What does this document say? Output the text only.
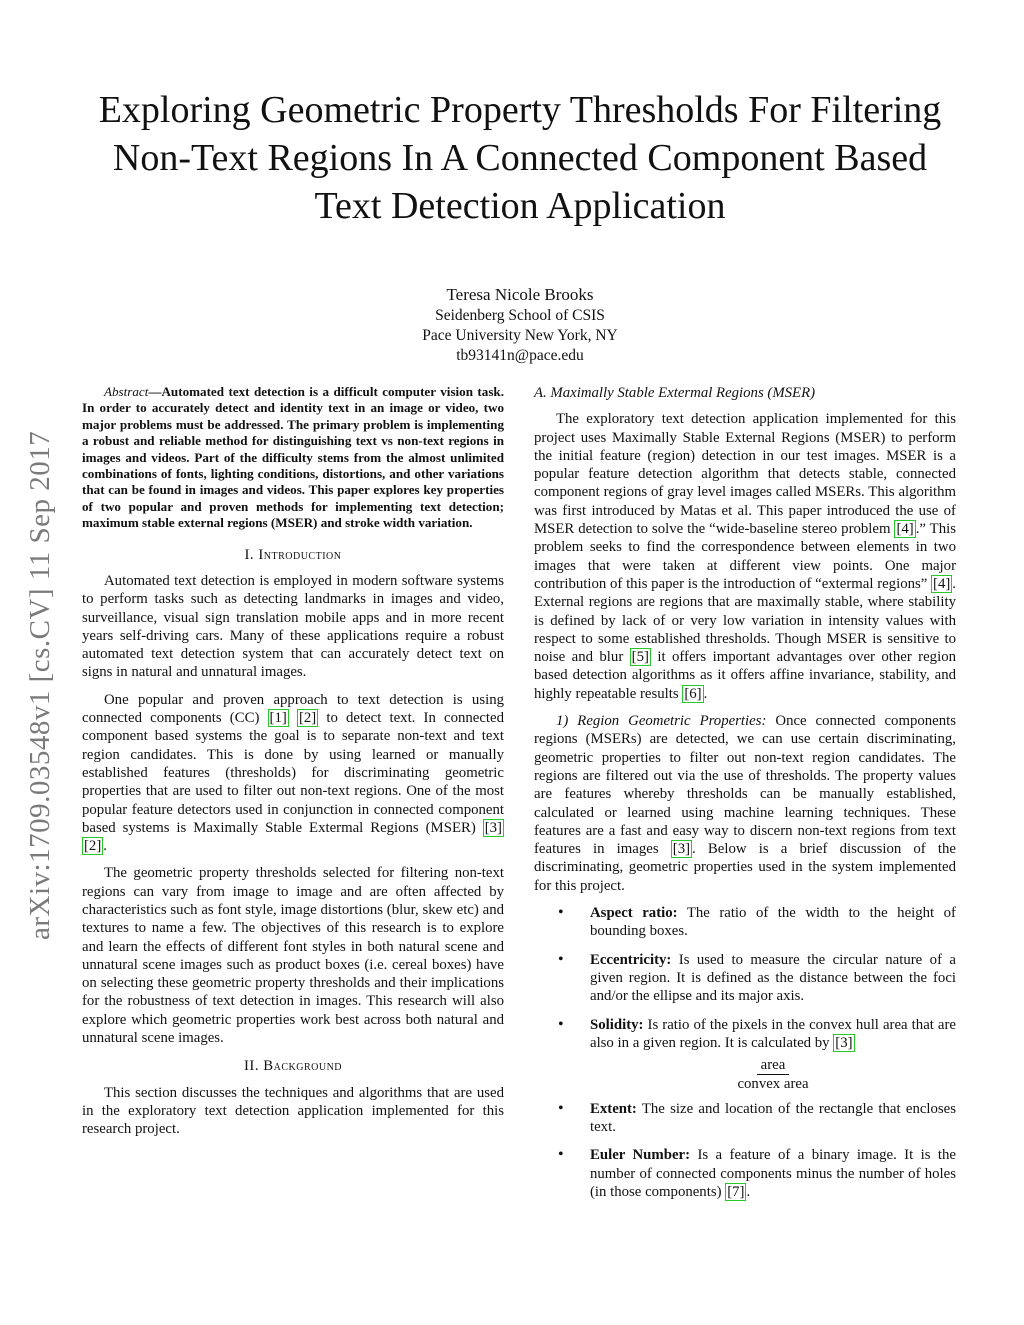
Exploring Geometric Property Thresholds For Filtering Non-Text Regions In A Connected Component Based Text Detection Application
Teresa Nicole Brooks
Seidenberg School of CSIS
Pace University New York, NY
tb93141n@pace.edu
arXiv:1709.03548v1 [cs.CV] 11 Sep 2017

Abstract—Automated text detection is a difficult computer vision task. In order to accurately detect and identity text in an image or video, two major problems must be addressed. The primary problem is implementing a robust and reliable method for distinguishing text vs non-text regions in images and videos. Part of the difficulty stems from the almost unlimited combinations of fonts, lighting conditions, distortions, and other variations that can be found in images and videos. This paper explores key properties of two popular and proven methods for implementing text detection; maximum stable external regions (MSER) and stroke width variation.

I. Introduction

Automated text detection is employed in modern software systems to perform tasks such as detecting landmarks in images and video, surveillance, visual sign translation mobile apps and in more recent years self-driving cars. Many of these applications require a robust automated text detection system that can accurately detect text on signs in natural and unnatural images.

One popular and proven approach to text detection is using connected components (CC) [1] [2] to detect text. In connected component based systems the goal is to separate non-text and text region candidates. This is done by using learned or manually established features (thresholds) for discriminating geometric properties that are used to filter out non-text regions. One of the most popular feature detectors used in conjunction in connected component based systems is Maximally Stable Extermal Regions (MSER) [3] [2] .

The geometric property thresholds selected for filtering non-text regions can vary from image to image and are often affected by characteristics such as font style, image distortions (blur, skew etc) and textures to name a few. The objectives of this research is to explore and learn the effects of different font styles in both natural scene and unnatural scene images such as product boxes (i.e. cereal boxes) have on selecting these geometric property thresholds and their implications for the robustness of text detection in images. This research will also explore which geometric properties work best across both natural and unnatural scene images.

II. Background

This section discusses the techniques and algorithms that are used in the exploratory text detection application implemented for this research project.

A. Maximally Stable Extermal Regions (MSER)

The exploratory text detection application implemented for this project uses Maximally Stable External Regions (MSER) to perform the initial feature (region) detection in our test images. MSER is a popular feature detection algorithm that detects stable, connected component regions of gray level images called MSERs. This algorithm was first introduced by Matas et al. This paper introduced the use of MSER detection to solve the “wide-baseline stereo problem [4] .” This problem seeks to find the correspondence between elements in two images that were taken at different view points. One major contribution of this paper is the introduction of “extermal regions” [4] . External regions are regions that are maximally stable, where stability is defined by lack of or very low variation in intensity values with respect to some established thresholds. Though MSER is sensitive to noise and blur [5] it offers important advantages over other region based detection algorithms as it offers affine invariance, stability, and highly repeatable results [6] .

1) Region Geometric Properties: Once connected components regions (MSERs) are detected, we can use certain discriminating, geometric properties to filter out non-text region candidates. The regions are filtered out via the use of thresholds. The property values are features whereby thresholds can be manually established, calculated or learned using machine learning techniques. These features are a fast and easy way to discern non-text regions from text features in images [3] . Below is a brief discussion of the discriminating, geometric properties used in the system implemented for this project.

• Aspect ratio: The ratio of the width to the height of bounding boxes.
• Eccentricity: Is used to measure the circular nature of a given region. It is defined as the distance between the foci and/or the ellipse and its major axis.
• Solidity: Is ratio of the pixels in the convex hull area that are also in a given region. It is calculated by [3]
area
convex area
• Extent: The size and location of the rectangle that encloses text.
• Euler Number: Is a feature of a binary image. It is the number of connected components minus the number of holes (in those components) [7] .
